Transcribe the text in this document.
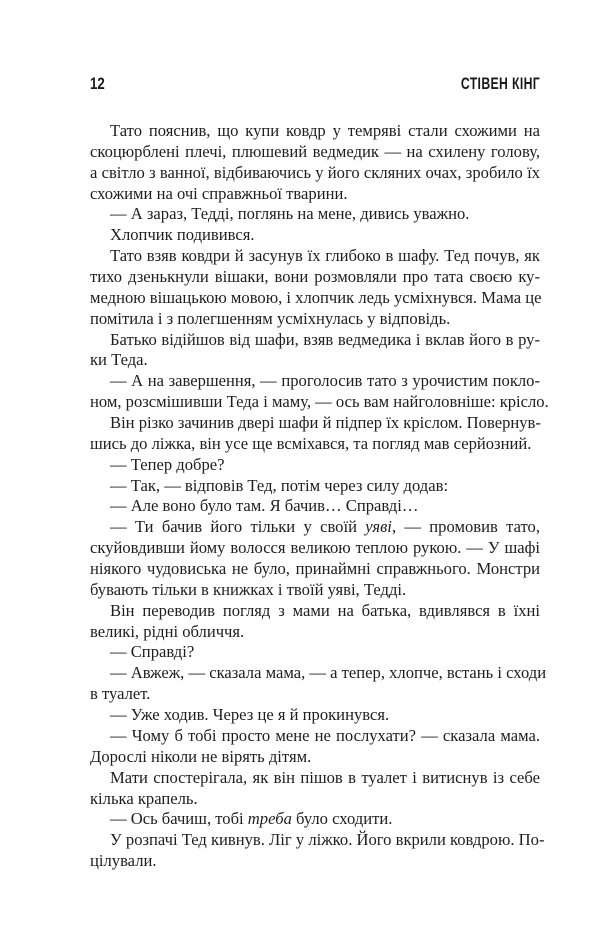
12	СТІВЕН КІНГ
Тато пояснив, що купи ковдр у темряві стали схожими на
скоцюрблені плечі, плюшевий ведмедик — на схилену голову,
а світло з ванної, відбиваючись у його скляних очах, зробило їх
схожими на очі справжньої тварини.
— А зараз, Тедді, поглянь на мене, дивись уважно.
Хлопчик подивився.
Тато взяв ковдри й засунув їх глибоко в шафу. Тед почув, як
тихо дзенькнули вішаки, вони розмовляли про тата своєю ку-
медною вішацькою мовою, і хлопчик ледь усміхнувся. Мама це
помітила і з полегшенням усміхнулась у відповідь.
Батько відійшов від шафи, взяв ведмедика і вклав його в ру-
ки Теда.
— А на завершення, — проголосив тато з урочистим покло-
ном, розсмішивши Теда і маму, — ось вам найголовніше: крісло.
Він різко зачинив двері шафи й підпер їх кріслом. Повернув-
шись до ліжка, він усе ще всміхався, та погляд мав серйозний.
— Тепер добре?
— Так, — відповів Тед, потім через силу додав:
— Але воно було там. Я бачив… Справді…
— Ти бачив його тільки у своїй уяві, — промовив тато,
скуйовдивши йому волосся великою теплою рукою. — У шафі
ніякого чудовиська не було, принаймні справжнього. Монстри
бувають тільки в книжках і твоїй уяві, Тедді.
Він переводив погляд з мами на батька, вдивлявся в їхні
великі, рідні обличчя.
— Справді?
— Авжеж, — сказала мама, — а тепер, хлопче, встань і сходи
в туалет.
— Уже ходив. Через це я й прокинувся.
— Чому б тобі просто мене не послухати? — сказала мама.
Дорослі ніколи не вірять дітям.
Мати спостерігала, як він пішов в туалет і витиснув із себе
кілька крапель.
— Ось бачиш, тобі треба було сходити.
У розпачі Тед кивнув. Ліг у ліжко. Його вкрили ковдрою. По-
цілували.
